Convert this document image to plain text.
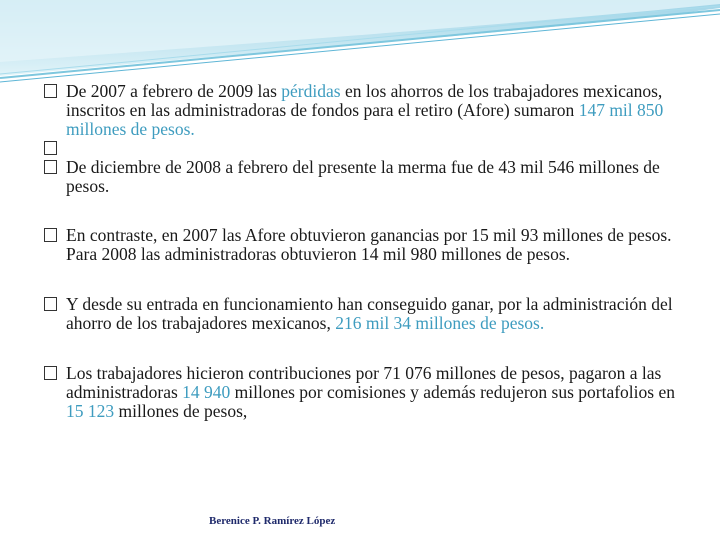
De 2007 a febrero de 2009 las pérdidas en los ahorros de los trabajadores mexicanos, inscritos en las administradoras de fondos para el retiro (Afore) sumaron 147 mil 850 millones de pesos.
De diciembre de 2008 a febrero del presente la merma fue de 43 mil 546 millones de pesos.
En contraste, en 2007 las Afore obtuvieron ganancias por 15 mil 93 millones de pesos. Para 2008 las administradoras obtuvieron 14 mil 980 millones de pesos.
Y desde su entrada en funcionamiento han conseguido ganar, por la administración del ahorro de los trabajadores mexicanos, 216 mil 34 millones de pesos.
Los trabajadores hicieron contribuciones por 71 076 millones de pesos, pagaron a las administradoras 14 940 millones por comisiones y además redujeron sus portafolios en 15 123 millones de pesos,
Berenice P. Ramírez López
